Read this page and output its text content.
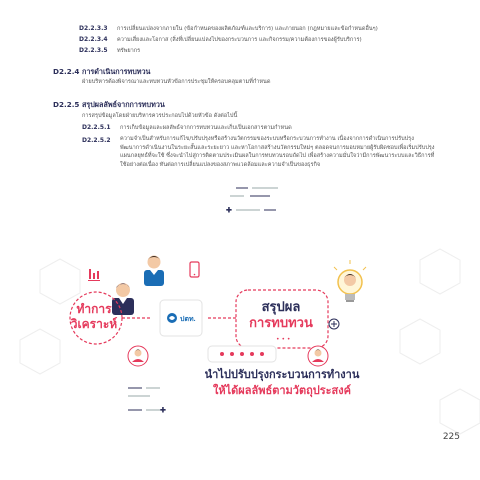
D2.2.3.3 การเปลี่ยนแปลงจากภายใน (ข้อกำหนดของผลิตภัณฑ์และบริการ) และภายนอก (กฎหมายและข้อกำหนดอื่นๆ)
D2.2.3.4 ความเสี่ยงและโอกาส (สิ่งที่เปลี่ยนแปลงไปของกระบวนการ และกิจกรรม/ความต้องการของผู้รับบริการ)
D2.2.3.5 ทรัพยากร
D2.2.4 การดำเนินการทบทวน
ฝ่ายบริหารต้องพิจารณาและทบทวนหัวข้อการประชุมให้ครอบคลุมตามที่กำหนด
D2.2.5 สรุปผลลัพธ์จากการทบทวน
การสรุปข้อมูลโดยฝ่ายบริหารควรประกอบไปด้วยหัวข้อ ดังต่อไปนี้
D2.2.5.1 การเก็บข้อมูลและผลลัพธ์จากการทบทวนและเก็บเป็นเอกสารตามกำหนด
D2.2.5.2 ความจำเป็นสำหรับการแก้ไข/ปรับปรุงหรือสร้างนวัตกรรมของระบบหรือกระบวนการทำงาน เนื่องจากการดำเนินการปรับปรุงพัฒนาการดำเนินงานในระยะสั้นและระยะยาว และหาโอกาสสร้างนวัตกรรมใหม่ๆ ตลอดจนการมอบหมายผู้รับผิดชอบเพื่อเริ่มปรับปรุงแผนกลยุทธ์ที่จะใช้ ซึ่งจะนำไปสู่การติดตามประเมินผลในการทบทวนรอบถัดไป เพื่อสร้างความมั่นใจว่ามีการพัฒนาระบบและวิธีการที่ใช้อย่างต่อเนื่อง ทันต่อการเปลี่ยนแปลงของสภาพแวดล้อมและความจำเป็นของธุรกิจ
+
+
ทำการ
วิเคราะห์	ปตท.
สรุปผล
การทบทวน
• • •
นำไปปรับปรุงกระบวนการทำงาน
ให้ได้ผลลัพธ์ตามวัตถุประสงค์
225
